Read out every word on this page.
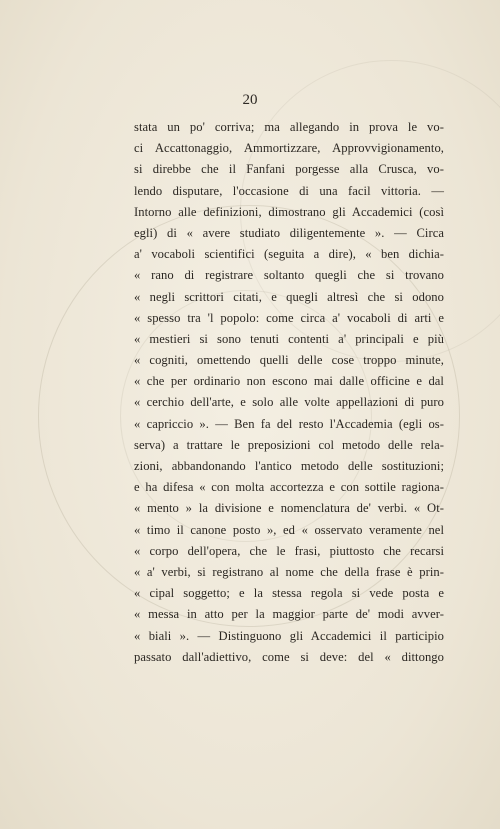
20
stata un po' corriva; ma allegando in prova le vo-
ci Accattonaggio, Ammortizzare, Approvvigionamento,
si direbbe che il Fanfani porgesse alla Crusca, vo-
lendo disputare, l'occasione di una facil vittoria. —
Intorno alle definizioni, dimostrano gli Accademici (così
egli) di « avere studiato diligentemente ». — Circa
a' vocaboli scientifici (seguita a dire), « ben dichia-
« rano di registrare soltanto quegli che si trovano
« negli scrittori citati, e quegli altresì che si odono
« spesso tra 'l popolo: come circa a' vocaboli di arti e
« mestieri si sono tenuti contenti a' principali e più
« cogniti, omettendo quelli delle cose troppo minute,
« che per ordinario non escono mai dalle officine e dal
« cerchio dell'arte, e solo alle volte appellazioni di puro
« capriccio ». — Ben fa del resto l'Accademia (egli os-
serva) a trattare le preposizioni col metodo delle rela-
zioni, abbandonando l'antico metodo delle sostituzioni;
e ha difesa « con molta accortezza e con sottile ragiona-
« mento » la divisione e nomenclatura de' verbi. « Ot-
« timo il canone posto », ed « osservato veramente nel
« corpo dell'opera, che le frasi, piuttosto che recarsi
« a' verbi, si registrano al nome che della frase è prin-
« cipal soggetto; e la stessa regola si vede posta e
« messa in atto per la maggior parte de' modi avver-
« biali ». — Distinguono gli Accademici il participio
passato dall'adiettivo, come si deve: del « dittongo
